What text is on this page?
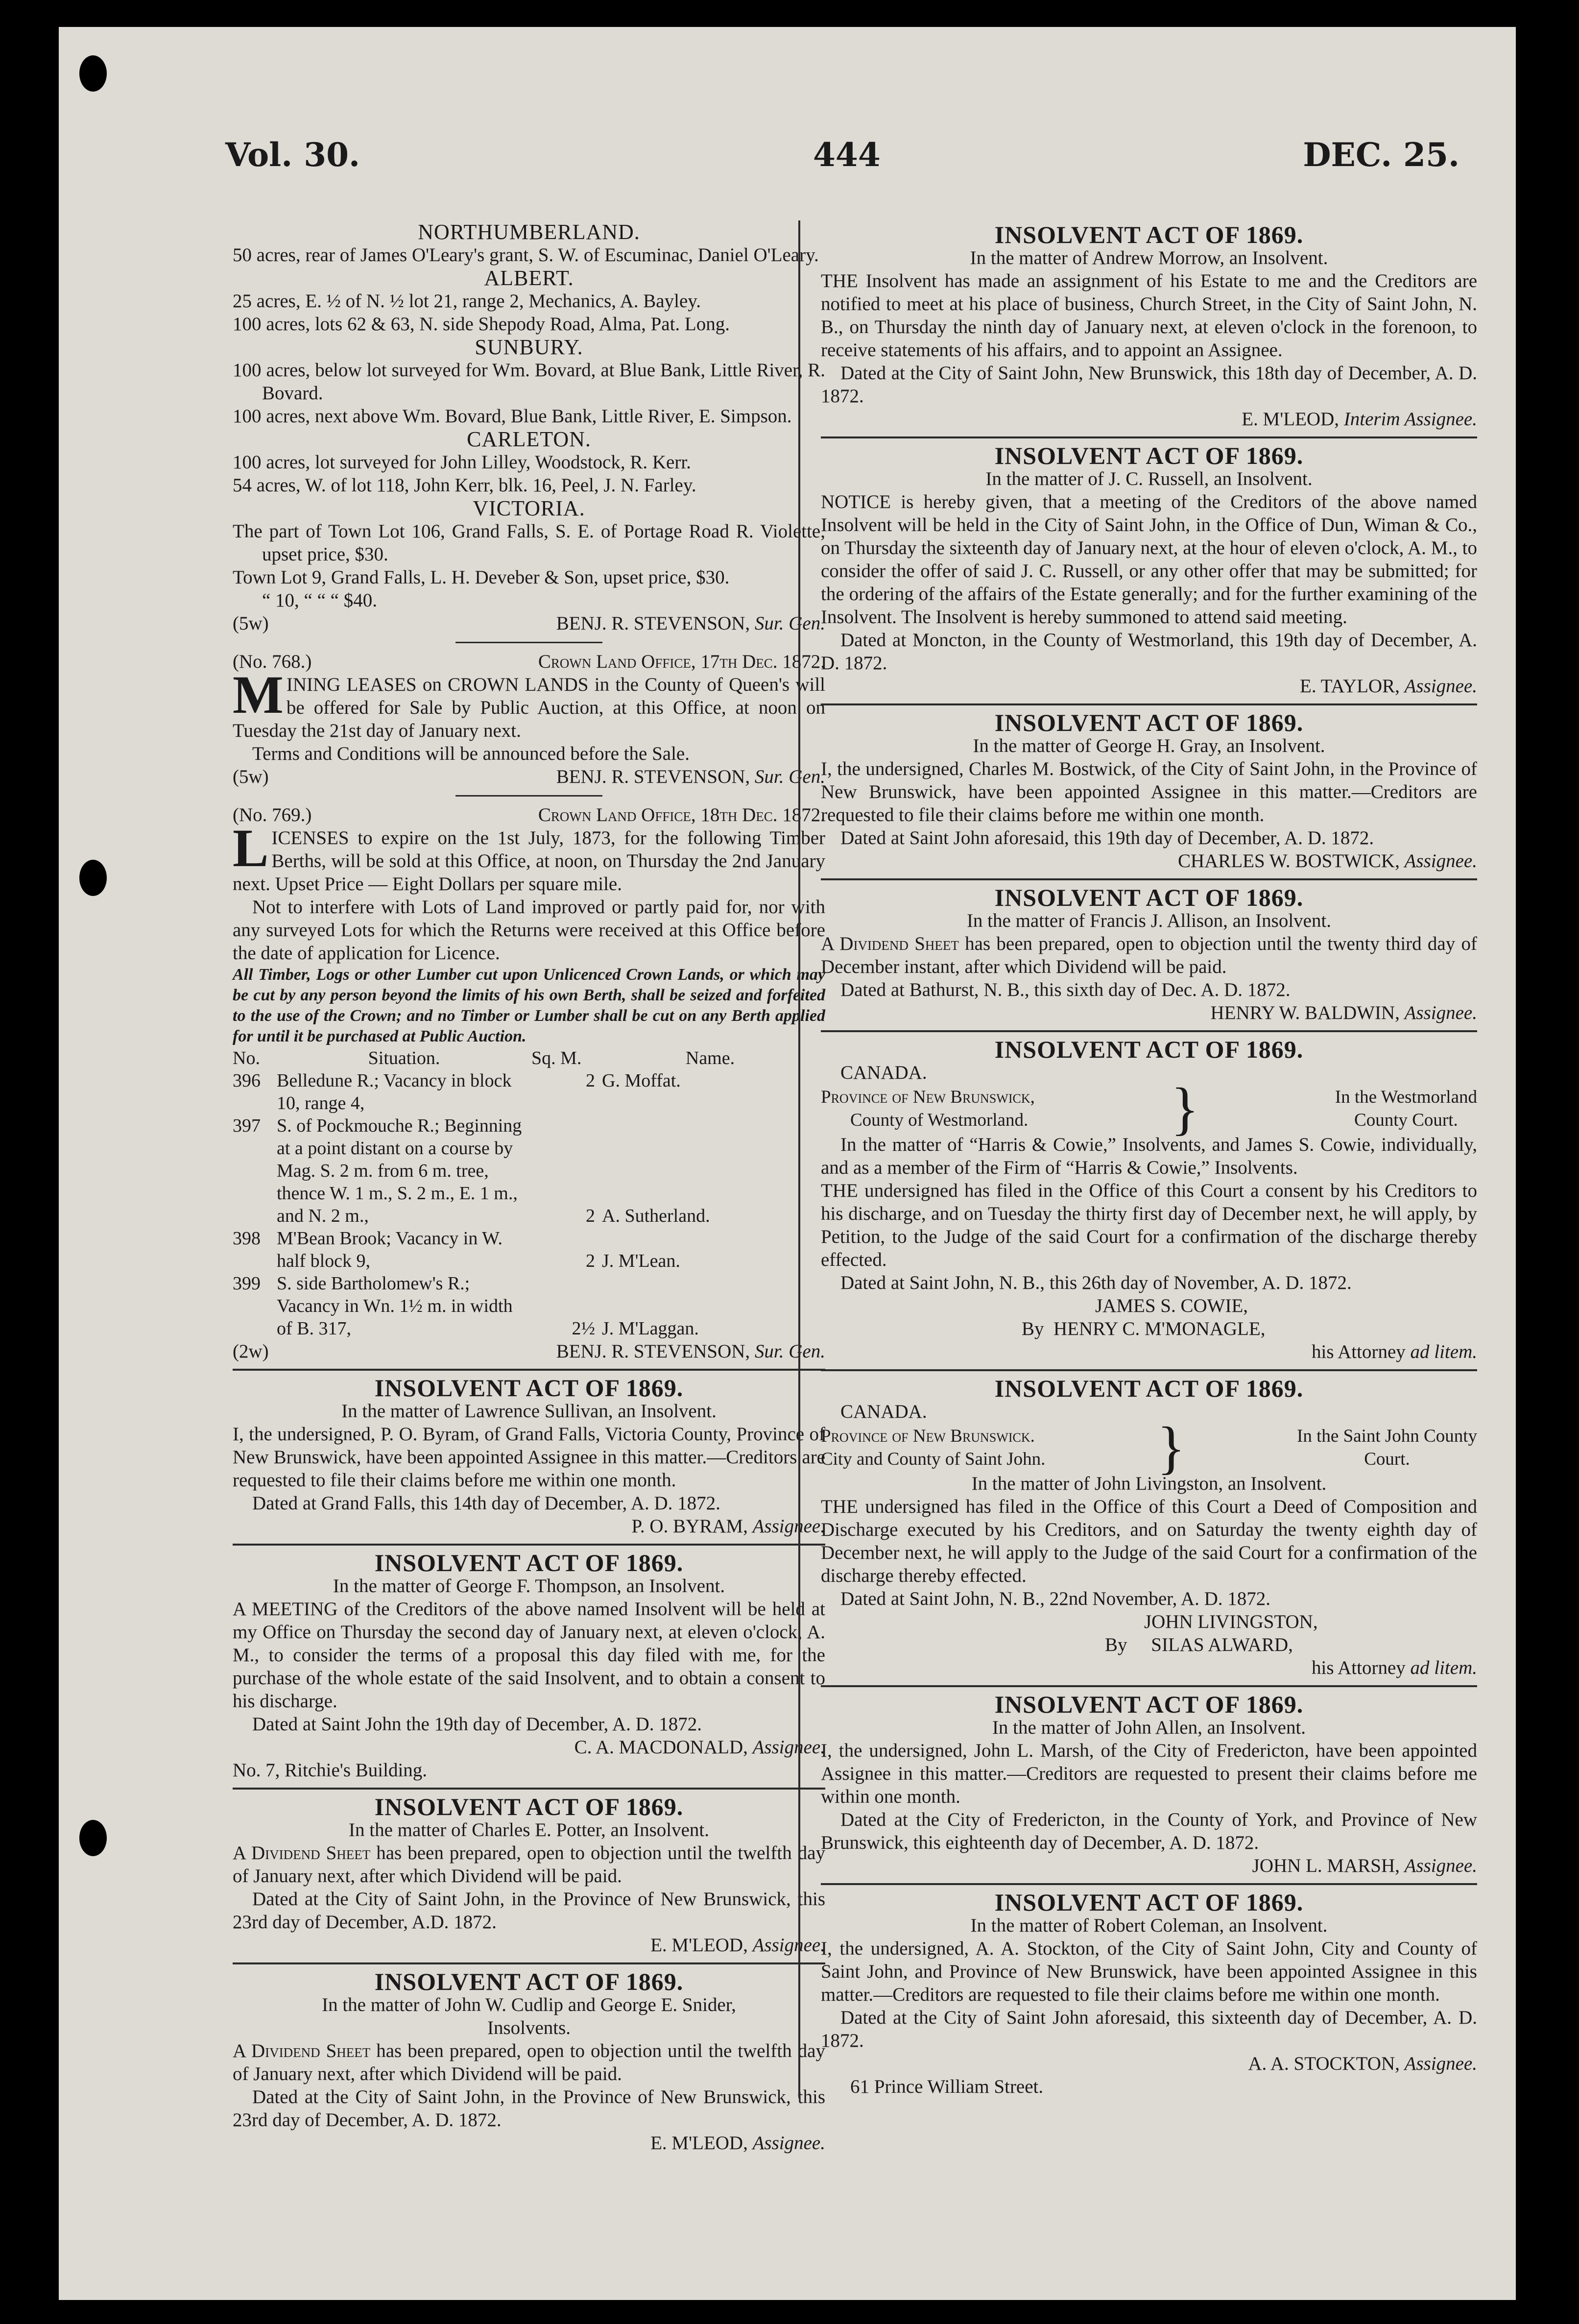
Vol. 30.	444	DEC. 25.
NORTHUMBERLAND.

50 acres, rear of James O'Leary's grant, S. W. of Escuminac, Daniel O'Leary.

ALBERT.

25 acres, E. ½ of N. ½ lot 21, range 2, Mechanics, A. Bayley.

100 acres, lots 62 & 63, N. side Shepody Road, Alma, Pat. Long.

SUNBURY.

100 acres, below lot surveyed for Wm. Bovard, at Blue Bank, Little River, R. Bovard.

100 acres, next above Wm. Bovard, Blue Bank, Little River, E. Simpson.

CARLETON.

100 acres, lot surveyed for John Lilley, Woodstock, R. Kerr.

54 acres, W. of lot 118, John Kerr, blk. 16, Peel, J. N. Farley.

VICTORIA.

The part of Town Lot 106, Grand Falls, S. E. of Portage Road R. Violette, upset price, $30.

Town Lot 9, Grand Falls, L. H. Deveber & Son, upset price, $30.

“ 10, “ “ “ $40.

(5w)	BENJ. R. STEVENSON, Sur. Gen.
(No. 768.)	Crown Land Office, 17th Dec. 1872.

MINING LEASES on CROWN LANDS in the County of Queen's will be offered for Sale by Public Auction, at this Office, at noon on Tuesday the 21st day of January next.

Terms and Conditions will be announced before the Sale.

(5w)	BENJ. R. STEVENSON, Sur. Gen.
(No. 769.)	Crown Land Office, 18th Dec. 1872.

LICENSES to expire on the 1st July, 1873, for the following Timber Berths, will be sold at this Office, at noon, on Thursday the 2nd January next. Upset Price — Eight Dollars per square mile.

Not to interfere with Lots of Land improved or partly paid for, nor with any surveyed Lots for which the Returns were received at this Office before the date of application for Licence.

All Timber, Logs or other Lumber cut upon Unlicenced Crown Lands, or which may be cut by any person beyond the limits of his own Berth, shall be seized and forfeited to the use of the Crown; and no Timber or Lumber shall be cut on any Berth applied for until it be purchased at Public Auction.

No.	Situation.	Sq. M.	Name.
396	Belledune R.; Vacancy in block 10, range 4,	2	G. Moffat.
397	S. of Pockmouche R.; Beginning at a point distant on a course by Mag. S. 2 m. from 6 m. tree, thence W. 1 m., S. 2 m., E. 1 m., and N. 2 m.,	2	A. Sutherland.
398	M'Bean Brook; Vacancy in W. half block 9,	2	J. M'Lean.
399	S. side Bartholomew's R.; Vacancy in Wn. 1½ m. in width of B. 317,	2½	J. M'Laggan.
(2w)	BENJ. R. STEVENSON, Sur. Gen.
INSOLVENT ACT OF 1869.
In the matter of Lawrence Sullivan, an Insolvent.

I, the undersigned, P. O. Byram, of Grand Falls, Victoria County, Province of New Brunswick, have been appointed Assignee in this matter.—Creditors are requested to file their claims before me within one month.

Dated at Grand Falls, this 14th day of December, A. D. 1872.

P. O. BYRAM, Assignee.
INSOLVENT ACT OF 1869.
In the matter of George F. Thompson, an Insolvent.

A MEETING of the Creditors of the above named Insolvent will be held at my Office on Thursday the second day of January next, at eleven o'clock, A. M., to consider the terms of a proposal this day filed with me, for the purchase of the whole estate of the said Insolvent, and to obtain a consent to his discharge.

Dated at Saint John the 19th day of December, A. D. 1872.

C. A. MACDONALD, Assignee.
No. 7, Ritchie's Building.
INSOLVENT ACT OF 1869.
In the matter of Charles E. Potter, an Insolvent.

A Dividend Sheet has been prepared, open to objection until the twelfth day of January next, after which Dividend will be paid.

Dated at the City of Saint John, in the Province of New Brunswick, this 23rd day of December, A.D. 1872.

E. M'LEOD, Assignee.
INSOLVENT ACT OF 1869.
In the matter of John W. Cudlip and George E. Snider,
Insolvents.

A Dividend Sheet has been prepared, open to objection until the twelfth day of January next, after which Dividend will be paid.

Dated at the City of Saint John, in the Province of New Brunswick, this 23rd day of December, A. D. 1872.

E. M'LEOD, Assignee.
INSOLVENT ACT OF 1869.
In the matter of Andrew Morrow, an Insolvent.

THE Insolvent has made an assignment of his Estate to me and the Creditors are notified to meet at his place of business, Church Street, in the City of Saint John, N. B., on Thursday the ninth day of January next, at eleven o'clock in the forenoon, to receive statements of his affairs, and to appoint an Assignee.

Dated at the City of Saint John, New Brunswick, this 18th day of December, A. D. 1872.

E. M'LEOD, Interim Assignee.
INSOLVENT ACT OF 1869.
In the matter of J. C. Russell, an Insolvent.

NOTICE is hereby given, that a meeting of the Creditors of the above named Insolvent will be held in the City of Saint John, in the Office of Dun, Wiman & Co., on Thursday the sixteenth day of January next, at the hour of eleven o'clock, A. M., to consider the offer of said J. C. Russell, or any other offer that may be submitted; for the ordering of the affairs of the Estate generally; and for the further examining of the Insolvent. The Insolvent is hereby summoned to attend said meeting.

Dated at Moncton, in the County of Westmorland, this 19th day of December, A. D. 1872.

E. TAYLOR, Assignee.
INSOLVENT ACT OF 1869.
In the matter of George H. Gray, an Insolvent.

I, the undersigned, Charles M. Bostwick, of the City of Saint John, in the Province of New Brunswick, have been appointed Assignee in this matter.—Creditors are requested to file their claims before me within one month.

Dated at Saint John aforesaid, this 19th day of December, A. D. 1872.

CHARLES W. BOSTWICK, Assignee.
INSOLVENT ACT OF 1869.
In the matter of Francis J. Allison, an Insolvent.

A Dividend Sheet has been prepared, open to objection until the twenty third day of December instant, after which Dividend will be paid.

Dated at Bathurst, N. B., this sixth day of Dec. A. D. 1872.

HENRY W. BALDWIN, Assignee.
INSOLVENT ACT OF 1869.
CANADA.
Province of New Brunswick,
County of Westmorland. }	In the Westmorland
County Court.

In the matter of “Harris & Cowie,” Insolvents, and James S. Cowie, individually, and as a member of the Firm of “Harris & Cowie,” Insolvents.

THE undersigned has filed in the Office of this Court a consent by his Creditors to his discharge, and on Tuesday the thirty first day of December next, he will apply, by Petition, to the Judge of the said Court for a confirmation of the discharge thereby effected.

Dated at Saint John, N. B., this 26th day of November, A. D. 1872.

JAMES S. COWIE,
By HENRY C. M'MONAGLE,
his Attorney ad litem.
INSOLVENT ACT OF 1869.
CANADA.
Province of New Brunswick.
City and County of Saint John. }	In the Saint John County
Court.
In the matter of John Livingston, an Insolvent.

THE undersigned has filed in the Office of this Court a Deed of Composition and Discharge executed by his Creditors, and on Saturday the twenty eighth day of December next, he will apply to the Judge of the said Court for a confirmation of the discharge thereby effected.

Dated at Saint John, N. B., 22nd November, A. D. 1872.

JOHN LIVINGSTON,
By SILAS ALWARD,
his Attorney ad litem.
INSOLVENT ACT OF 1869.
In the matter of John Allen, an Insolvent.

I, the undersigned, John L. Marsh, of the City of Fredericton, have been appointed Assignee in this matter.—Creditors are requested to present their claims before me within one month.

Dated at the City of Fredericton, in the County of York, and Province of New Brunswick, this eighteenth day of December, A. D. 1872.

JOHN L. MARSH, Assignee.
INSOLVENT ACT OF 1869.
In the matter of Robert Coleman, an Insolvent.

I, the undersigned, A. A. Stockton, of the City of Saint John, City and County of Saint John, and Province of New Brunswick, have been appointed Assignee in this matter.—Creditors are requested to file their claims before me within one month.

Dated at the City of Saint John aforesaid, this sixteenth day of December, A. D. 1872.

A. A. STOCKTON, Assignee.
61 Prince William Street.
